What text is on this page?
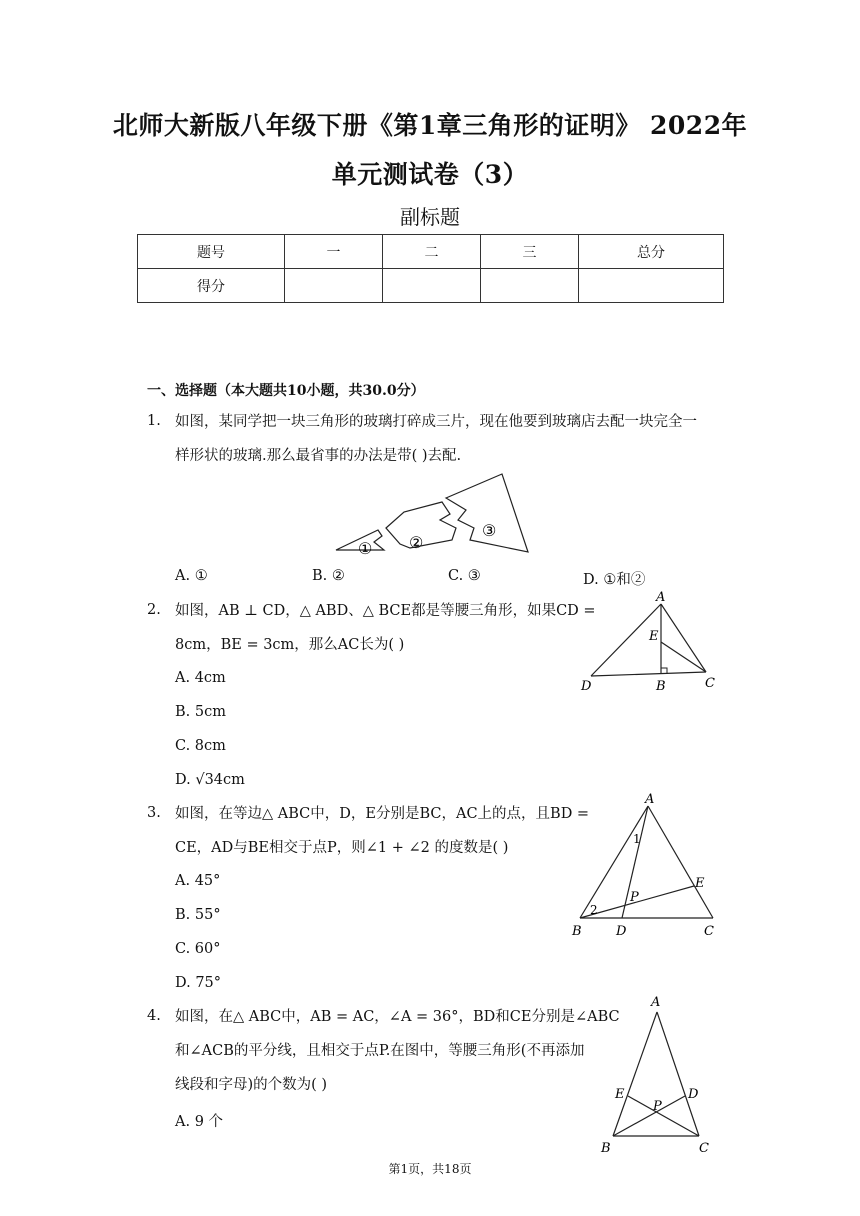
北师大新版八年级下册《第1章三角形的证明》 2022年
单元测试卷（3）
副标题
题号	一	二	三	总分
得分				
一、选择题（本大题共10小题，共30.0分）
1. 如图，某同学把一块三角形的玻璃打碎成三片，现在他要到玻璃店去配一块完全一
样形状的玻璃.那么最省事的办法是带( )去配.
① ②
③
A. ①	B. ②	C. ③	D. ①和②
2. 如图，AB ⊥ CD，△ ABD、△ BCE都是等腰三角形，如果CD =
8cm，BE = 3cm，那么AC长为( )
A. 4cm
B. 5cm
C. 8cm
D. √34cm
A
E
D	B	C
3. 如图，在等边△ ABC中，D，E分别是BC，AC上的点，且BD =
CE，AD与BE相交于点P，则∠1 + ∠2 的度数是( )
A. 45°
B. 55°
C. 60°
D. 75°
A
1
E
P
2
B	D	C
4. 如图，在△ ABC中，AB = AC，∠A = 36°，BD和CE分别是∠ABC
和∠ACB的平分线，且相交于点P.在图中，等腰三角形(不再添加
线段和字母)的个数为( )
A. 9 个
A
E	D
P
B	C
第1页，共18页
